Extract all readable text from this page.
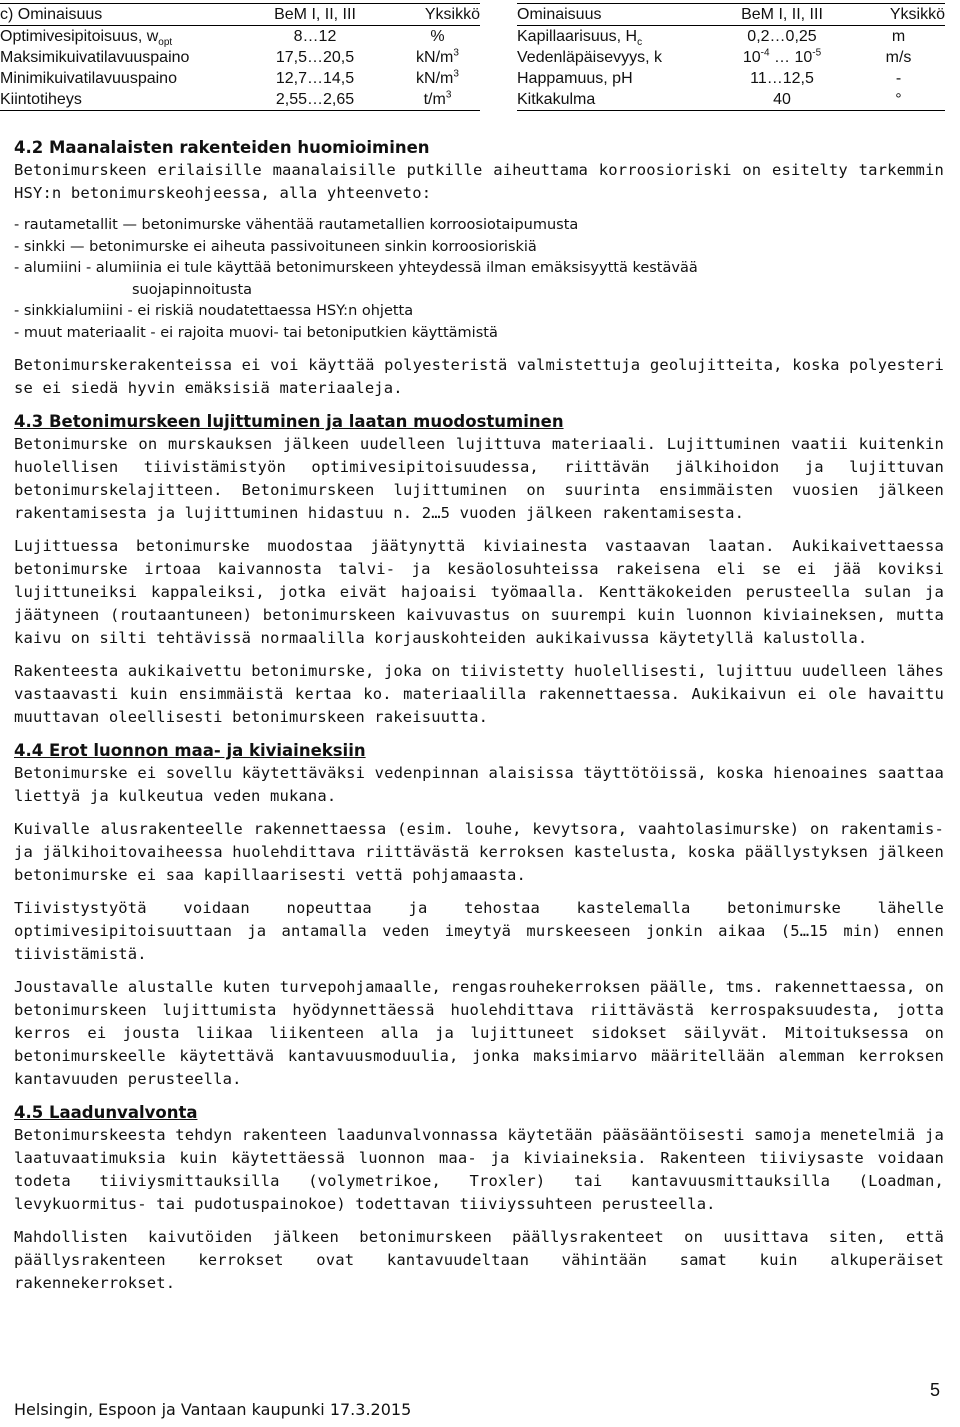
c) Ominaisuus	BeM I, II, III	Yksikkö
Optimivesipitoisuus, $w_{opt}$	8…12	%
Maksimikuivatilavuuspaino	17,5…20,5	$kN/m^3$
Minimikuivatilavuuspaino	12,7…14,5	$kN/m^3$
Kiintotiheys	2,55…2,65	$t/m^3$
Ominaisuus	BeM I, II, III	Yksikkö
Kapillaarisuus, $H_c$	0,2…0,25	m
Vedenläpäisevyys, k	$10^{-4}$ … $10^{-5}$	m/s
Happamuus, pH	11…12,5	-
Kitkakulma	40	°
4.2 Maanalaisten rakenteiden huomioiminen

Betonimurskeen erilaisille maanalaisille putkille aiheuttama korroosioriski on esitelty tarkemmin HSY:n betonimurskeohjeessa, alla yhteenveto:

- rautametallit — betonimurske vähentää rautametallien korroosiotaipumusta
- sinkki — betonimurske ei aiheuta passivoituneen sinkin korroosioriskiä
- alumiini - alumiinia ei tule käyttää betonimurskeen yhteydessä ilman emäksisyyttä kestävää
suojapinnoitusta
- sinkkialumiini - ei riskiä noudatettaessa HSY:n ohjetta
- muut materiaalit - ei rajoita muovi- tai betoniputkien käyttämistä

Betonimurskerakenteissa ei voi käyttää polyesteristä valmistettuja geolujitteita, koska polyesteri se ei siedä hyvin emäksisiä materiaaleja.

4.3 Betonimurskeen lujittuminen ja laatan muodostuminen

Betonimurske on murskauksen jälkeen uudelleen lujittuva materiaali. Lujittuminen vaatii kuitenkin huolellisen tiivistämistyön optimivesipitoisuudessa, riittävän jälkihoidon ja lujittuvan betonimurskelajitteen. Betonimurskeen lujittuminen on suurinta ensimmäisten vuosien jälkeen rakentamisesta ja lujittuminen hidastuu n. 2…5 vuoden jälkeen rakentamisesta.

Lujittuessa betonimurske muodostaa jäätynyttä kiviainesta vastaavan laatan. Aukikaivettaessa betonimurske irtoaa kaivannosta talvi- ja kesäolosuhteissa rakeisena eli se ei jää koviksi lujittuneiksi kappaleiksi, jotka eivät hajoaisi työmaalla. Kenttäkokeiden perusteella sulan ja jäätyneen (routaantuneen) betonimurskeen kaivuvastus on suurempi kuin luonnon kiviaineksen, mutta kaivu on silti tehtävissä normaalilla korjauskohteiden aukikaivussa käytetyllä kalustolla.

Rakenteesta aukikaivettu betonimurske, joka on tiivistetty huolellisesti, lujittuu uudelleen lähes vastaavasti kuin ensimmäistä kertaa ko. materiaalilla rakennettaessa. Aukikaivun ei ole havaittu muuttavan oleellisesti betonimurskeen rakeisuutta.

4.4 Erot luonnon maa- ja kiviaineksiin

Betonimurske ei sovellu käytettäväksi vedenpinnan alaisissa täyttötöissä, koska hienoaines saattaa liettyä ja kulkeutua veden mukana.

Kuivalle alusrakenteelle rakennettaessa (esim. louhe, kevytsora, vaahtolasimurske) on rakentamis- ja jälkihoitovaiheessa huolehdittava riittävästä kerroksen kastelusta, koska päällystyksen jälkeen betonimurske ei saa kapillaarisesti vettä pohjamaasta.

Tiivistystyötä voidaan nopeuttaa ja tehostaa kastelemalla betonimurske lähelle optimivesipitoisuuttaan ja antamalla veden imeytyä murskeeseen jonkin aikaa (5…15 min) ennen tiivistämistä.

Joustavalle alustalle kuten turvepohjamaalle, rengasrouhekerroksen päälle, tms. rakennettaessa, on betonimurskeen lujittumista hyödynnettäessä huolehdittava riittävästä kerrospaksuudesta, jotta kerros ei jousta liikaa liikenteen alla ja lujittuneet sidokset säilyvät. Mitoituksessa on betonimurskeelle käytettävä kantavuusmoduulia, jonka maksimiarvo määritellään alemman kerroksen kantavuuden perusteella.

4.5 Laadunvalvonta

Betonimurskeesta tehdyn rakenteen laadunvalvonnassa käytetään pääsääntöisesti samoja menetelmiä ja laatuvaatimuksia kuin käytettäessä luonnon maa- ja kiviaineksia. Rakenteen tiiviysaste voidaan todeta tiiviysmittauksilla (volymetrikoe, Troxler) tai kantavuusmittauksilla (Loadman, levykuormitus- tai pudotuspainokoe) todettavan tiiviyssuhteen perusteella.

Mahdollisten kaivutöiden jälkeen betonimurskeen päällysrakenteet on uusittava siten, että päällysrakenteen kerrokset ovat kantavuudeltaan vähintään samat kuin alkuperäiset rakennekerrokset.

Helsingin, Espoon ja Vantaan kaupunki 17.3.2015
5
